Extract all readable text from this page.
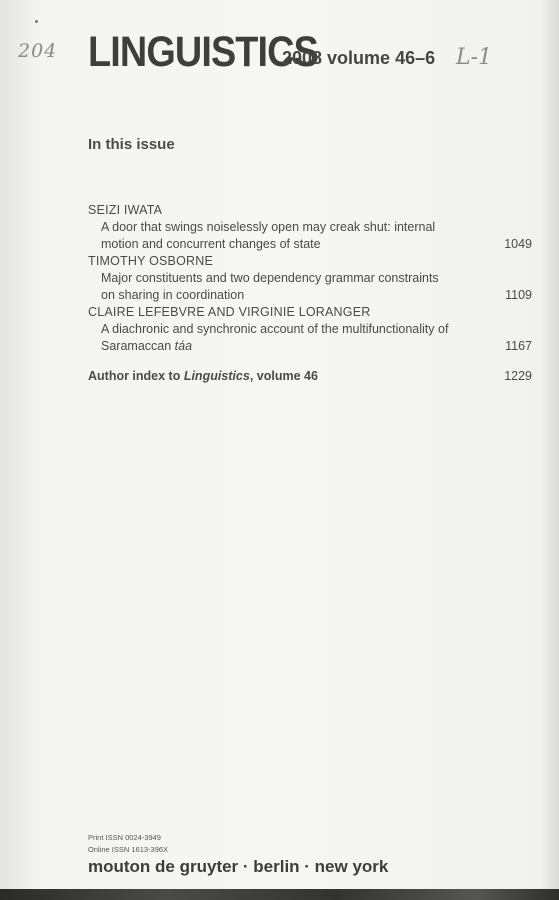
204	L-1
LINGUISTICS
2008 volume 46–6
In this issue
SEIZI IWATA
A door that swings noiselessly open may creak shut: internal
motion and concurrent changes of state	1049
TIMOTHY OSBORNE
Major constituents and two dependency grammar constraints
on sharing in coordination	1109
CLAIRE LEFEBVRE AND VIRGINIE LORANGER
A diachronic and synchronic account of the multifunctionality of
Saramaccan táa	1167
Author index to Linguistics, volume 46	1229
Print ISSN 0024-3949
Online ISSN 1613-396X
mouton de gruyter · berlin · new york
